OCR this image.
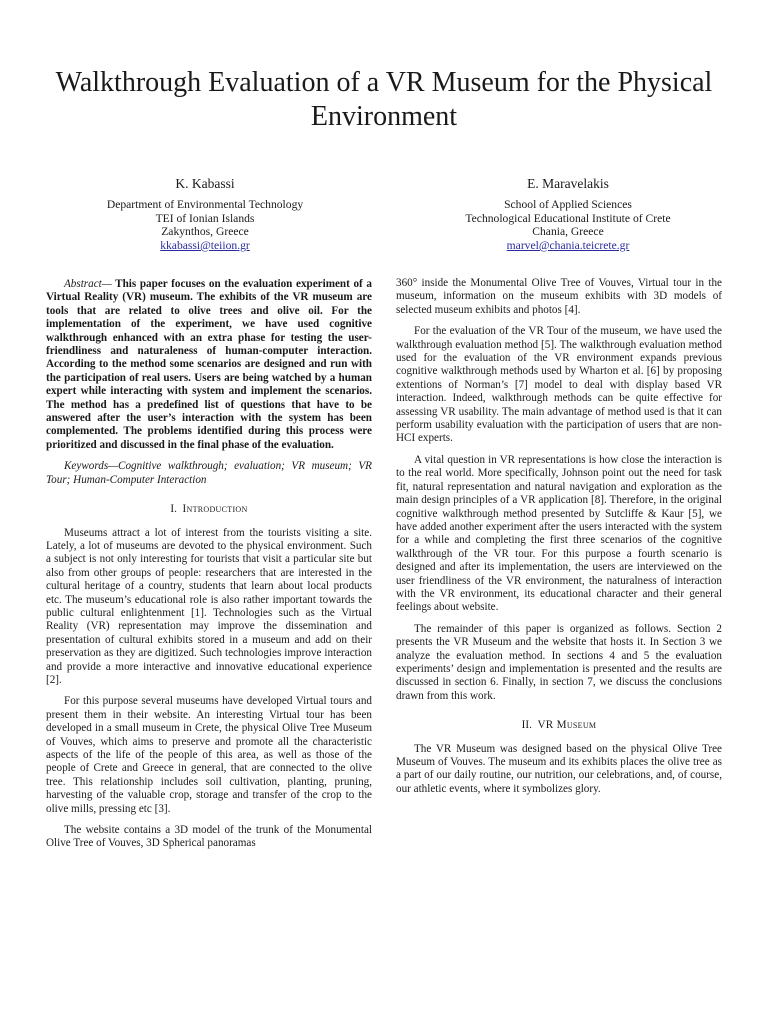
Walkthrough Evaluation of a VR Museum for the Physical Environment
K. Kabassi
Department of Environmental Technology
TEI of Ionian Islands
Zakynthos, Greece
kkabassi@teiion.gr
E. Maravelakis
School of Applied Sciences
Technological Educational Institute of Crete
Chania, Greece
marvel@chania.teicrete.gr

Abstract— This paper focuses on the evaluation experiment of a Virtual Reality (VR) museum. The exhibits of the VR museum are tools that are related to olive trees and olive oil. For the implementation of the experiment, we have used cognitive walkthrough enhanced with an extra phase for testing the user-friendliness and naturaleness of human-computer interaction. According to the method some scenarios are designed and run with the participation of real users. Users are being watched by a human expert while interacting with system and implement the scenarios. The method has a predefined list of questions that have to be answered after the user’s interaction with the system has been complemented. The problems identified during this process were prioritized and discussed in the final phase of the evaluation.

Keywords—Cognitive walkthrough; evaluation; VR museum; VR Tour; Human-Computer Interaction

I. Introduction

Museums attract a lot of interest from the tourists visiting a site. Lately, a lot of museums are devoted to the physical environment. Such a subject is not only interesting for tourists that visit a particular site but also from other groups of people: researchers that are interested in the cultural heritage of a country, students that learn about local products etc. The museum’s educational role is also rather important towards the public cultural enlightenment [1]. Technologies such as the Virtual Reality (VR) representation may improve the dissemination and presentation of cultural exhibits stored in a museum and add on their preservation as they are digitized. Such technologies improve interaction and provide a more interactive and innovative educational experience [2].

For this purpose several museums have developed Virtual tours and present them in their website. An interesting Virtual tour has been developed in a small museum in Crete, the physical Olive Tree Museum of Vouves, which aims to preserve and promote all the characteristic aspects of the life of the people of this area, as well as those of the people of Crete and Greece in general, that are connected to the olive tree. This relationship includes soil cultivation, planting, pruning, harvesting of the valuable crop, storage and transfer of the crop to the olive mills, pressing etc [3].

The website contains a 3D model of the trunk of the Monumental Olive Tree of Vouves, 3D Spherical panoramas

360° inside the Monumental Olive Tree of Vouves, Virtual tour in the museum, information on the museum exhibits with 3D models of selected museum exhibits and photos [4].

For the evaluation of the VR Tour of the museum, we have used the walkthrough evaluation method [5]. The walkthrough evaluation method used for the evaluation of the VR environment expands previous cognitive walkthrough methods used by Wharton et al. [6] by proposing extentions of Norman’s [7] model to deal with display based VR interaction. Indeed, walkthrough methods can be quite effective for assessing VR usability. The main advantage of method used is that it can perform usability evaluation with the participation of users that are non-HCI experts.

A vital question in VR representations is how close the interaction is to the real world. More specifically, Johnson point out the need for task fit, natural representation and natural navigation and exploration as the main design principles of a VR application [8]. Therefore, in the original cognitive walkthrough method presented by Sutcliffe & Kaur [5], we have added another experiment after the users interacted with the system for a while and completing the first three scenarios of the cognitive walkthrough of the VR tour. For this purpose a fourth scenario is designed and after its implementation, the users are interviewed on the user friendliness of the VR environment, the naturalness of interaction with the VR environment, its educational character and their general feelings about website.

The remainder of this paper is organized as follows. Section 2 presents the VR Museum and the website that hosts it. In Section 3 we analyze the evaluation method. In sections 4 and 5 the evaluation experiments’ design and implementation is presented and the results are discussed in section 6. Finally, in section 7, we discuss the conclusions drawn from this work.

II. VR Museum

The VR Museum was designed based on the physical Olive Tree Museum of Vouves. The museum and its exhibits places the olive tree as a part of our daily routine, our nutrition, our celebrations, and, of course, our athletic events, where it symbolizes glory.
